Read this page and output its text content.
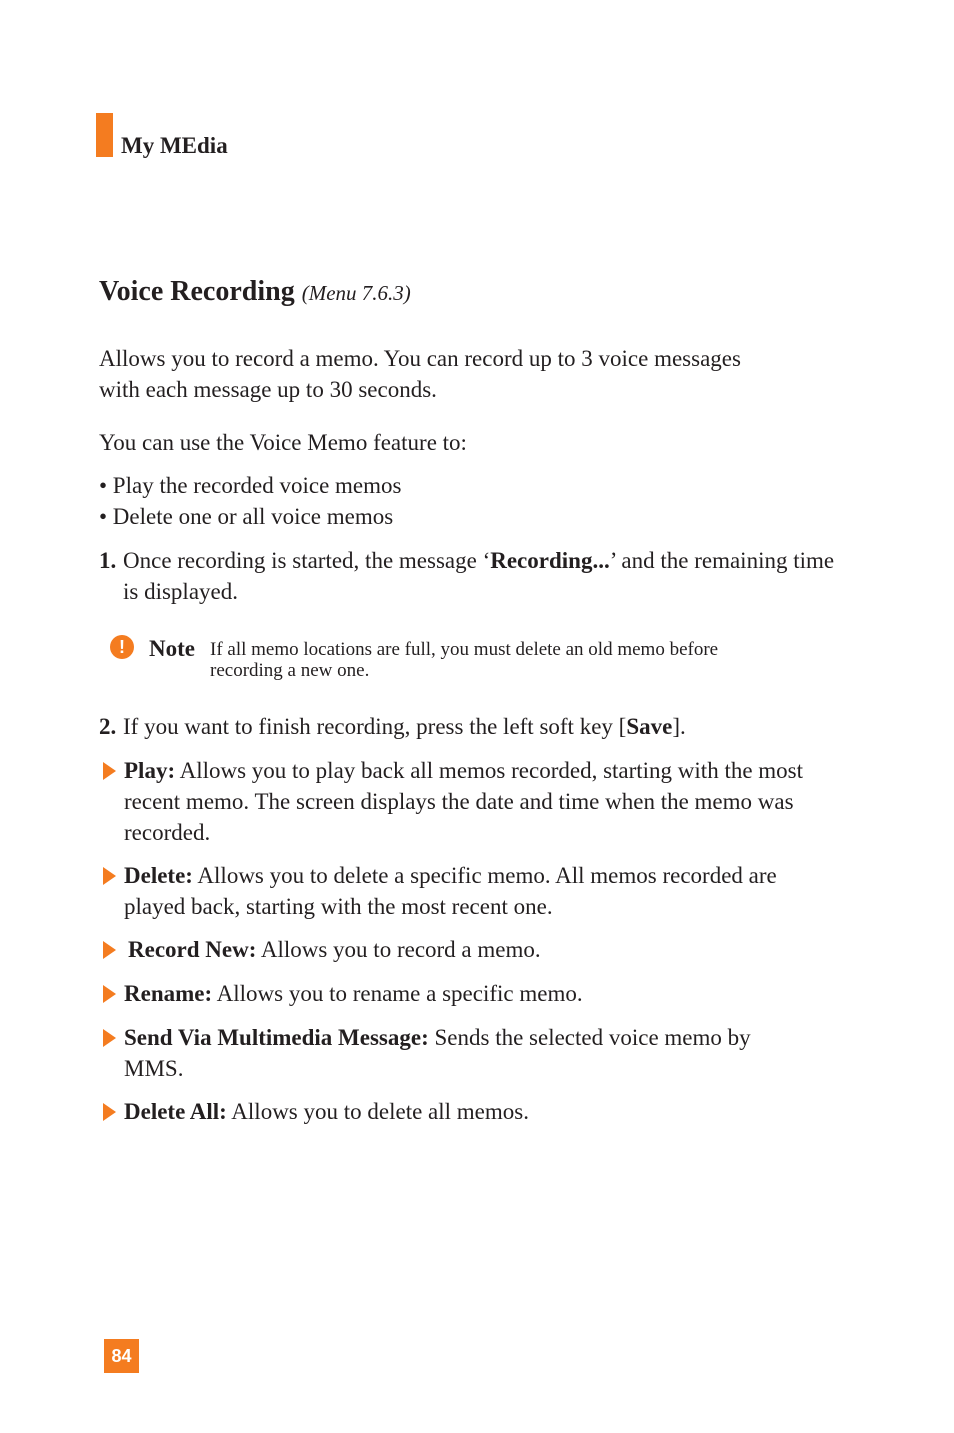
My MEdia
Voice Recording (Menu 7.6.3)

Allows you to record a memo. You can record up to 3 voice messages
with each message up to 30 seconds.

You can use the Voice Memo feature to:

• Play the recorded voice memos
• Delete one or all voice memos
1. Once recording is started, the message ‘Recording...’ and the remaining time is displayed.
!	Note If all memo locations are full, you must delete an old memo before
recording a new one.
2. If you want to finish recording, press the left soft key [Save].
Play: Allows you to play back all memos recorded, starting with the most recent memo. The screen displays the date and time when the memo was recorded.
Delete: Allows you to delete a specific memo. All memos recorded are played back, starting with the most recent one.
Record New: Allows you to record a memo.
Rename: Allows you to rename a specific memo.
Send Via Multimedia Message: Sends the selected voice memo by MMS.
Delete All: Allows you to delete all memos.
84
